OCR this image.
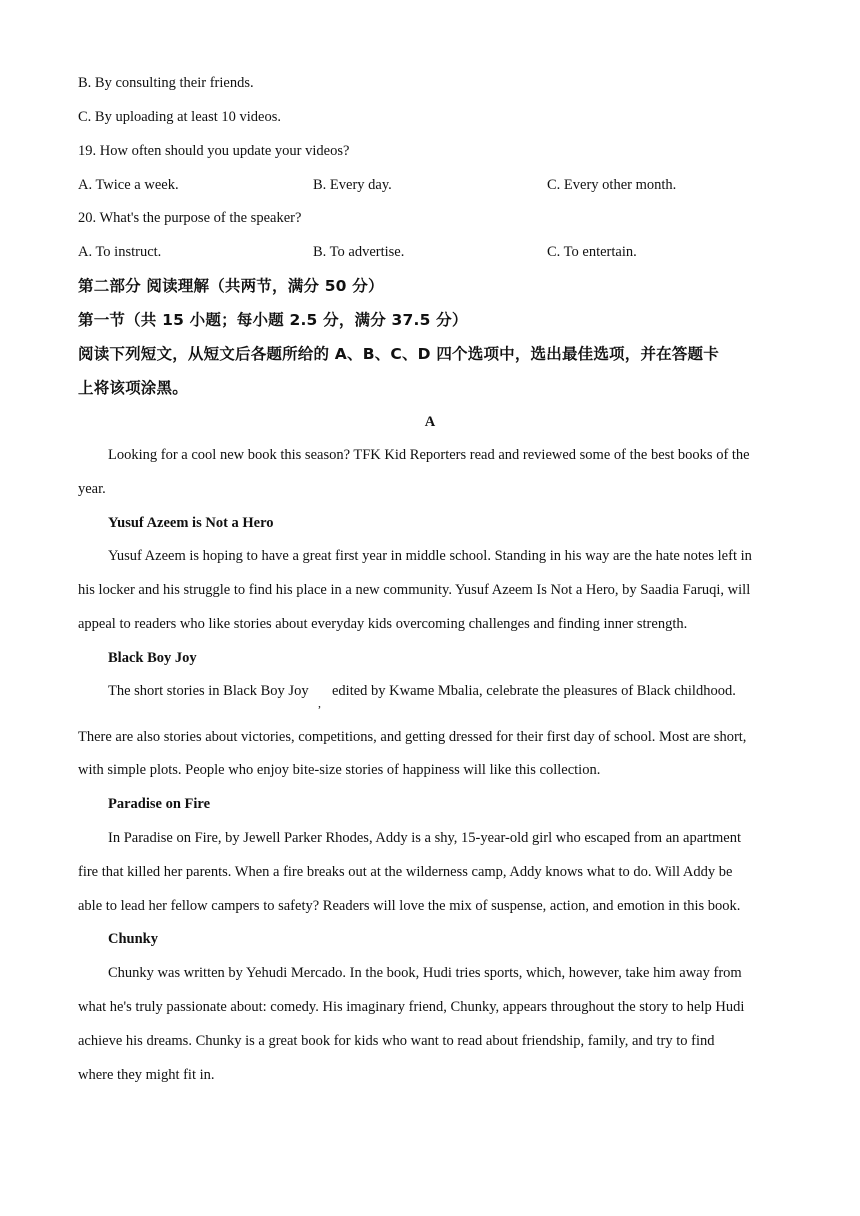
B. By consulting their friends.
C. By uploading at least 10 videos.
19. How often should you update your videos?
A. Twice a week.	B. Every day.	C. Every other month.
20. What's the purpose of the speaker?
A. To instruct.	B. To advertise.	C. To entertain.
第二部分 阅读理解（共两节，满分 50 分）
第一节（共 15 小题；每小题 2.5 分，满分 37.5 分）
阅读下列短文，从短文后各题所给的 A、B、C、D 四个选项中，选出最佳选项，并在答题卡
上将该项涂黑。
A
Looking for a cool new book this season? TFK Kid Reporters read and reviewed some of the best books of the
year.
Yusuf Azeem is Not a Hero
Yusuf Azeem is hoping to have a great first year in middle school. Standing in his way are the hate notes left in
his locker and his struggle to find his place in a new community. Yusuf Azeem Is Not a Hero, by Saadia Faruqi, will
appeal to readers who like stories about everyday kids overcoming challenges and finding inner strength.
Black Boy Joy
The short stories in Black Boy Joy
,
edited by Kwame Mbalia, celebrate the pleasures of Black childhood.
There are also stories about victories, competitions, and getting dressed for their first day of school. Most are short,
with simple plots. People who enjoy bite-size stories of happiness will like this collection.
Paradise on Fire
In Paradise on Fire, by Jewell Parker Rhodes, Addy is a shy, 15-year-old girl who escaped from an apartment
fire that killed her parents. When a fire breaks out at the wilderness camp, Addy knows what to do. Will Addy be
able to lead her fellow campers to safety? Readers will love the mix of suspense, action, and emotion in this book.
Chunky
Chunky was written by Yehudi Mercado. In the book, Hudi tries sports, which, however, take him away from
what he's truly passionate about: comedy. His imaginary friend, Chunky, appears throughout the story to help Hudi
achieve his dreams. Chunky is a great book for kids who want to read about friendship, family, and try to find
where they might fit in.
